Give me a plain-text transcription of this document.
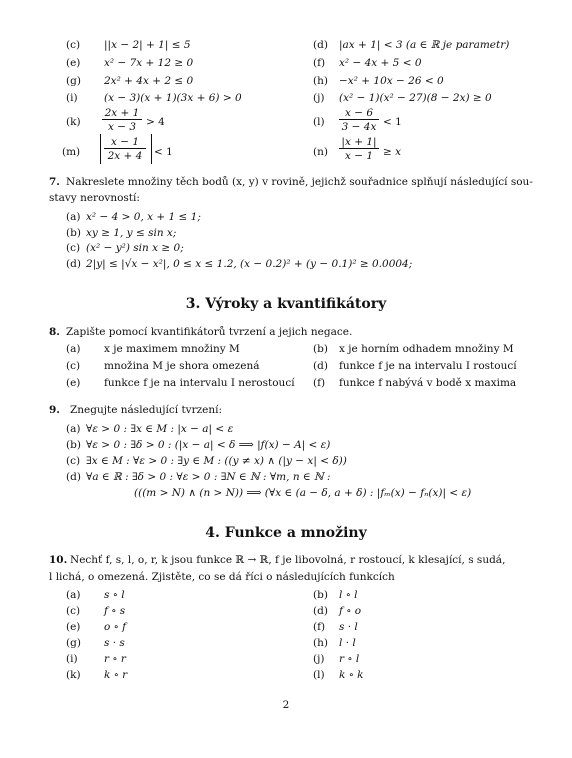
(c) ||x − 2| + 1| ≤ 5	(d) |ax + 1| < 3 (a ∈ ℝ je parametr)
(e) x² − 7x + 12 ≥ 0	(f) x² − 4x + 5 < 0
(g) 2x² + 4x + 2 ≤ 0	(h) −x² + 10x − 26 < 0
(i)	(x − 3)(x + 1)(3x + 6) > 0	(j) (x² − 1)(x² − 27)(8 − 2x) ≥ 0
$(k) \frac{2x + 1}{x - 3} > 4$	$(l) \frac{x - 6}{3 - 4x} < 1$
$(m) \frac{x - 1}{2x + 4} < 1$	$(n) \frac{|x + 1|}{x - 1} \ge x$
7. Nakreslete množiny těch bodů (x, y) v rovině, jejichž souřadnice splňují následující sou-
stavy nerovností:
(a) x² − 4 > 0, x + 1 ≤ 1;
(b) xy ≥ 1, y ≤ sin x;
(c) (x² − y²) sin x ≥ 0;
(d) 2|y| ≤ |√x − x²|, 0 ≤ x ≤ 1.2, (x − 0.2)² + (y − 0.1)² ≥ 0.0004;
3. Výroky a kvantifikátory
8. Zapište pomocí kvantifikátorů tvrzení a jejich negace.
(a) x je maximem množiny M	(b) x je horním odhadem množiny M
(c) množina M je shora omezená	(d) funkce f je na intervalu I rostoucí
(e) funkce f je na intervalu I nerostoucí (f) funkce f nabývá v bodě x maxima
9. Znegujte následující tvrzení:
(a) ∀ε > 0 : ∃x ∈ M : |x − a| < ε
(b) ∀ε > 0 : ∃δ > 0 : (|x − a| < δ ⟹ |f(x) − A| < ε)
(c) ∃x ∈ M : ∀ε > 0 : ∃y ∈ M : ((y ≠ x) ∧ (|y − x| < δ))
(d) ∀a ∈ ℝ : ∃δ > 0 : ∀ε > 0 : ∃N ∈ ℕ : ∀m, n ∈ ℕ :
(((m > N) ∧ (n > N)) ⟹ (∀x ∈ (a − δ, a + δ) : |fₘ(x) − fₙ(x)| < ε)
4. Funkce a množiny
10. Nechť f, s, l, o, r, k jsou funkce ℝ → ℝ, f je libovolná, r rostoucí, k klesající, s sudá,
l lichá, o omezená. Zjistěte, co se dá říci o následujících funkcích
(a) s ∘ l	(b) l ∘ l
(c) f ∘ s	(d) f ∘ o
(e) o ∘ f	(f) s · l
(g) s · s	(h) l · l
(i)	r ∘ r	(j) r ∘ l
(k) k ∘ r	(l) k ∘ k
2
